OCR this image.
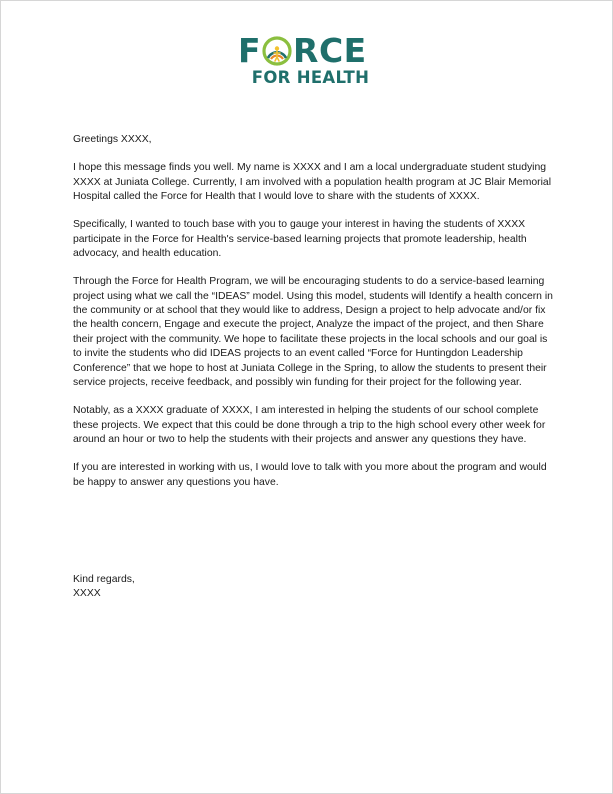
F RCE
FOR HEALTH

Greetings XXXX,

I hope this message finds you well. My name is XXXX and I am a local undergraduate student studying XXXX at Juniata College. Currently, I am involved with a population health program at JC Blair Memorial Hospital called the Force for Health that I would love to share with the students of XXXX.

Specifically, I wanted to touch base with you to gauge your interest in having the students of XXXX participate in the Force for Health's service-based learning projects that promote leadership, health advocacy, and health education.

Through the Force for Health Program, we will be encouraging students to do a service-based learning project using what we call the “IDEAS” model. Using this model, students will Identify a health concern in the community or at school that they would like to address, Design a project to help advocate and/or fix the health concern, Engage and execute the project, Analyze the impact of the project, and then Share their project with the community. We hope to facilitate these projects in the local schools and our goal is to invite the students who did IDEAS projects to an event called “Force for Huntingdon Leadership Conference” that we hope to host at Juniata College in the Spring, to allow the students to present their service projects, receive feedback, and possibly win funding for their project for the following year.

Notably, as a XXXX graduate of XXXX, I am interested in helping the students of our school complete these projects. We expect that this could be done through a trip to the high school every other week for around an hour or two to help the students with their projects and answer any questions they have.

If you are interested in working with us, I would love to talk with you more about the program and would be happy to answer any questions you have.

Kind regards,
XXXX
